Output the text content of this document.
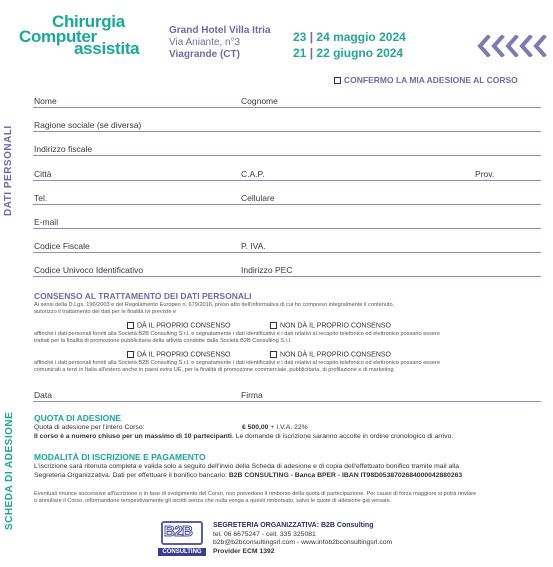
Chirurgia
Computer
assistita
Grand Hotel Villa Itria
Via Aniante, n°3
Viagrande (CT)
23 | 24 maggio 2024
21 | 22 giugno 2024
CONFERMO LA MIA ADESIONE AL CORSO
DATI PERSONALI
SCHEDA DI ADESIONE
Nome	Cognome
Ragione sociale (se diversa)
Indirizzo fiscale
Città	C.A.P.	Prov.
Tel.	Cellulare
E-mail
Codice Fiscale	P. IVA.
Codice Univoco Identificativo	Indirizzo PEC
CONSENSO AL TRATTAMENTO DEI DATI PERSONALI
Ai sensi della D.Lgs. 196/2003 e del Regolamento Europeo n. 679/2016, preso atto dell'informativa di cui ho compreso integralmente il contenuto,
autorizzo il trattamento dei dati per le finalità ivi previste e
DÀ IL PROPRIO CONSENSO	NON DÀ IL PROPRIO CONSENSO
affinché i dati personali forniti alla Società B2B Consulting S.r.l. e segnatamente i dati identificativi e i dati relativi al recapito telefonico ed elettronico possano essere
trattati per la finalità di promozione pubblicitaria della attività condotte dalla Società B2B Consulting S.r.l.
DÀ IL PROPRIO CONSENSO	NON DÀ IL PROPRIO CONSENSO
affinché i dati personali forniti alla Società B2B Consulting S.r.l. e segnatamente i dati identificativi e i dati relativi al recapito telefonico ed elettronico possano essere
comunicati a terzi in Italia all'estero anche in paesi extra UE, per la finalità di promozione commerciale, pubblicitaria, di profilazione e di marketing
Data	Firma
QUOTA DI ADESIONE
Quota di adesione per l'intero Corso:	€ 500,00 + I.V.A. 22%
Il corso è a numero chiuso per un massimo di 10 partecipanti. Le domande di iscrizione saranno accolte in ordine cronologico di arrivo.
MODALITÀ DI ISCRIZIONE E PAGAMENTO
L'iscrizione sarà ritenuta completa e valida solo a seguito dell'invio della Scheda di adesione e di copia dell'effettuato bonifico tramite mail alla
Segreteria Organizzativa. Dati per effettuare il bonifico bancario: B2B CONSULTING - Banca BPER - IBAN IT98D0538702684000042880263
Eventuali rinunce successive all'iscrizione o in fase di svolgimento del Corso, non prevedono il rimborso della quota di partecipazione. Per cause di forza maggiore si potrà rinviare
o annullare il Corso, informandone tempestivamente gli iscritti senza che nulla venga a questi rimborsato, salvo le quote di adesione già versate.
B2B
CONSULTING
SEGRETERIA ORGANIZZATIVA: B2B Consulting
tel. 06 6675247 - cell. 335 325081
b2b@b2bconsultingsrl.com - www.infob2bconsultingsrl.com
Provider ECM 1392
